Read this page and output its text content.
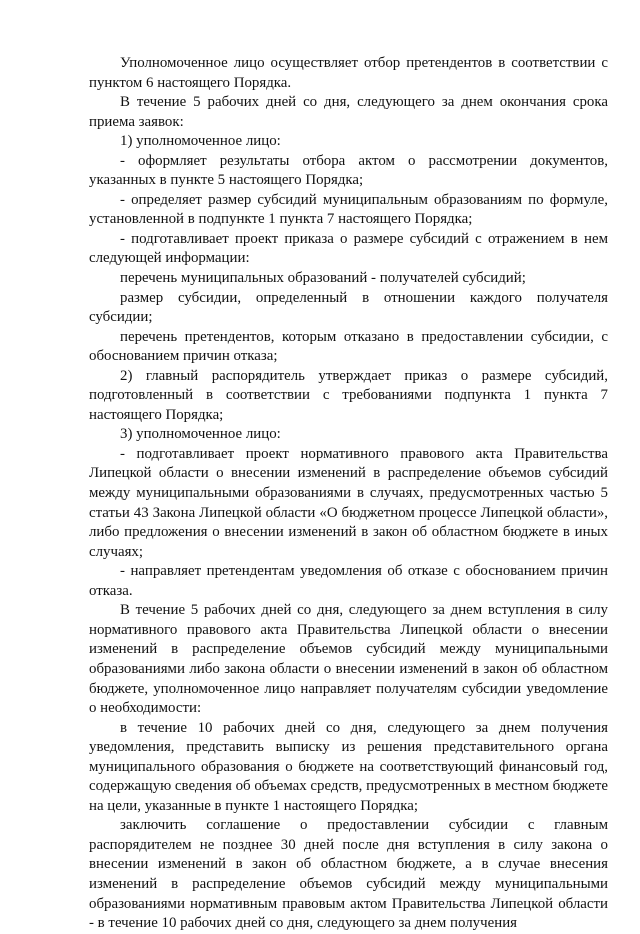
Уполномоченное лицо осуществляет отбор претендентов в соответствии с пунктом 6 настоящего Порядка.

В течение 5 рабочих дней со дня, следующего за днем окончания срока приема заявок:

1) уполномоченное лицо:

- оформляет результаты отбора актом о рассмотрении документов, указанных в пункте 5 настоящего Порядка;

- определяет размер субсидий муниципальным образованиям по формуле, установленной в подпункте 1 пункта 7 настоящего Порядка;

- подготавливает проект приказа о размере субсидий с отражением в нем следующей информации:

перечень муниципальных образований - получателей субсидий;

размер субсидии, определенный в отношении каждого получателя субсидии;

перечень претендентов, которым отказано в предоставлении субсидии, с обоснованием причин отказа;

2) главный распорядитель утверждает приказ о размере субсидий, подготовленный в соответствии с требованиями подпункта 1 пункта 7 настоящего Порядка;

3) уполномоченное лицо:

- подготавливает проект нормативного правового акта Правительства Липецкой области о внесении изменений в распределение объемов субсидий между муниципальными образованиями в случаях, предусмотренных частью 5 статьи 43 Закона Липецкой области «О бюджетном процессе Липецкой области», либо предложения о внесении изменений в закон об областном бюджете в иных случаях;

- направляет претендентам уведомления об отказе с обоснованием причин отказа.

В течение 5 рабочих дней со дня, следующего за днем вступления в силу нормативного правового акта Правительства Липецкой области о внесении изменений в распределение объемов субсидий между муниципальными образованиями либо закона области о внесении изменений в закон об областном бюджете, уполномоченное лицо направляет получателям субсидии уведомление о необходимости:

в течение 10 рабочих дней со дня, следующего за днем получения уведомления, представить выписку из решения представительного органа муниципального образования о бюджете на соответствующий финансовый год, содержащую сведения об объемах средств, предусмотренных в местном бюджете на цели, указанные в пункте 1 настоящего Порядка;

заключить соглашение о предоставлении субсидии с главным распорядителем не позднее 30 дней после дня вступления в силу закона о внесении изменений в закон об областном бюджете, а в случае внесения изменений в распределение объемов субсидий между муниципальными образованиями нормативным правовым актом Правительства Липецкой области - в течение 10 рабочих дней со дня, следующего за днем получения
